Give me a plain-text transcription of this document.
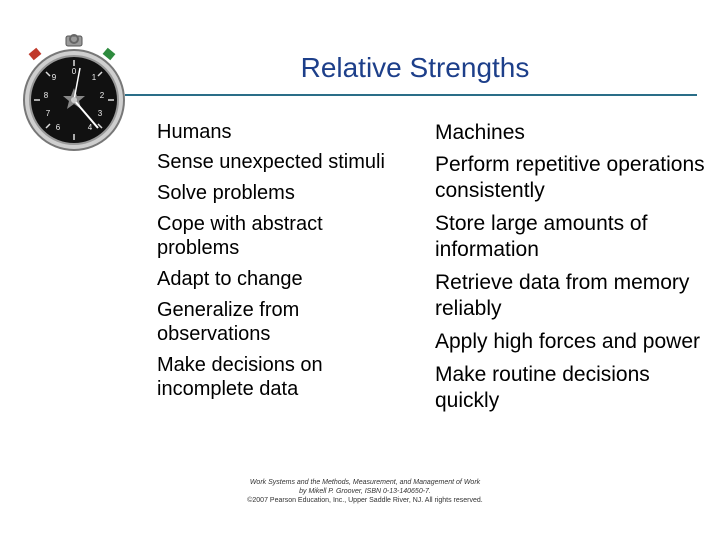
0
1
2
3
4
6
7
8
9	Relative Strengths
Humans
Sense unexpected stimuli
Solve problems
Cope with abstract problems
Adapt to change
Generalize from observations
Make decisions on incomplete data
Machines
Perform repetitive operations consistently
Store large amounts of information
Retrieve data from memory reliably
Apply high forces and power
Make routine decisions quickly
Work Systems and the Methods, Measurement, and Management of Work
by Mikell P. Groover, ISBN 0-13-140650-7.
©2007 Pearson Education, Inc., Upper Saddle River, NJ. All rights reserved.
